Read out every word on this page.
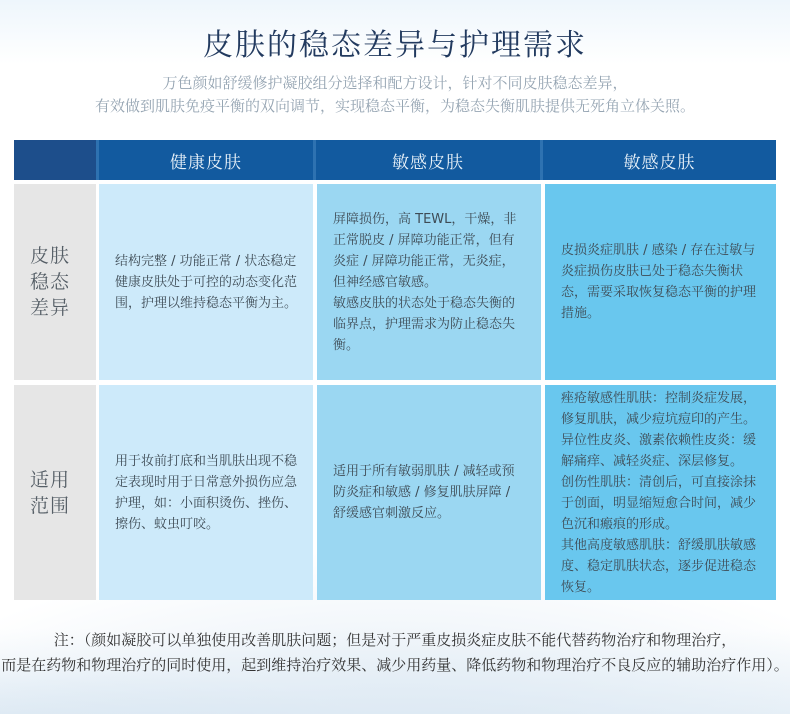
皮肤的稳态差异与护理需求
万色颜如舒缓修护凝胶组分选择和配方设计，针对不同皮肤稳态差异，
有效做到肌肤免疫平衡的双向调节，实现稳态平衡，为稳态失衡肌肤提供无死角立体关照。
健康皮肤	敏感皮肤	敏感皮肤
皮肤
稳态
差异

结构完整 / 功能正常 / 状态稳定

健康皮肤处于可控的动态变化范围，护理以维持稳态平衡为主。

屏障损伤，高 TEWL，干燥，非正常脱皮 / 屏障功能正常，但有炎症 / 屏障功能正常，无炎症，但神经感官敏感。

敏感皮肤的状态处于稳态失衡的临界点，护理需求为防止稳态失衡。

皮损炎症肌肤 / 感染 / 存在过敏与炎症损伤皮肤已处于稳态失衡状态，需要采取恢复稳态平衡的护理措施。

适用
范围

用于妆前打底和当肌肤出现不稳定表现时用于日常意外损伤应急护理，如：小面积烫伤、挫伤、擦伤、蚊虫叮咬。

适用于所有敏弱肌肤 / 减轻或预防炎症和敏感 / 修复肌肤屏障 / 舒缓感官刺激反应。

痤疮敏感性肌肤：控制炎症发展，修复肌肤，减少痘坑痘印的产生。

异位性皮炎、激素依赖性皮炎：缓解痛痒、减轻炎症、深层修复。

创伤性肌肤：清创后，可直接涂抹于创面，明显缩短愈合时间，减少色沉和瘢痕的形成。

其他高度敏感肌肤：舒缓肌肤敏感度、稳定肌肤状态，逐步促进稳态恢复。

注：（颜如凝胶可以单独使用改善肌肤问题；但是对于严重皮损炎症皮肤不能代替药物治疗和物理治疗，
而是在药物和物理治疗的同时使用，起到维持治疗效果、减少用药量、降低药物和物理治疗不良反应的辅助治疗作用）。
